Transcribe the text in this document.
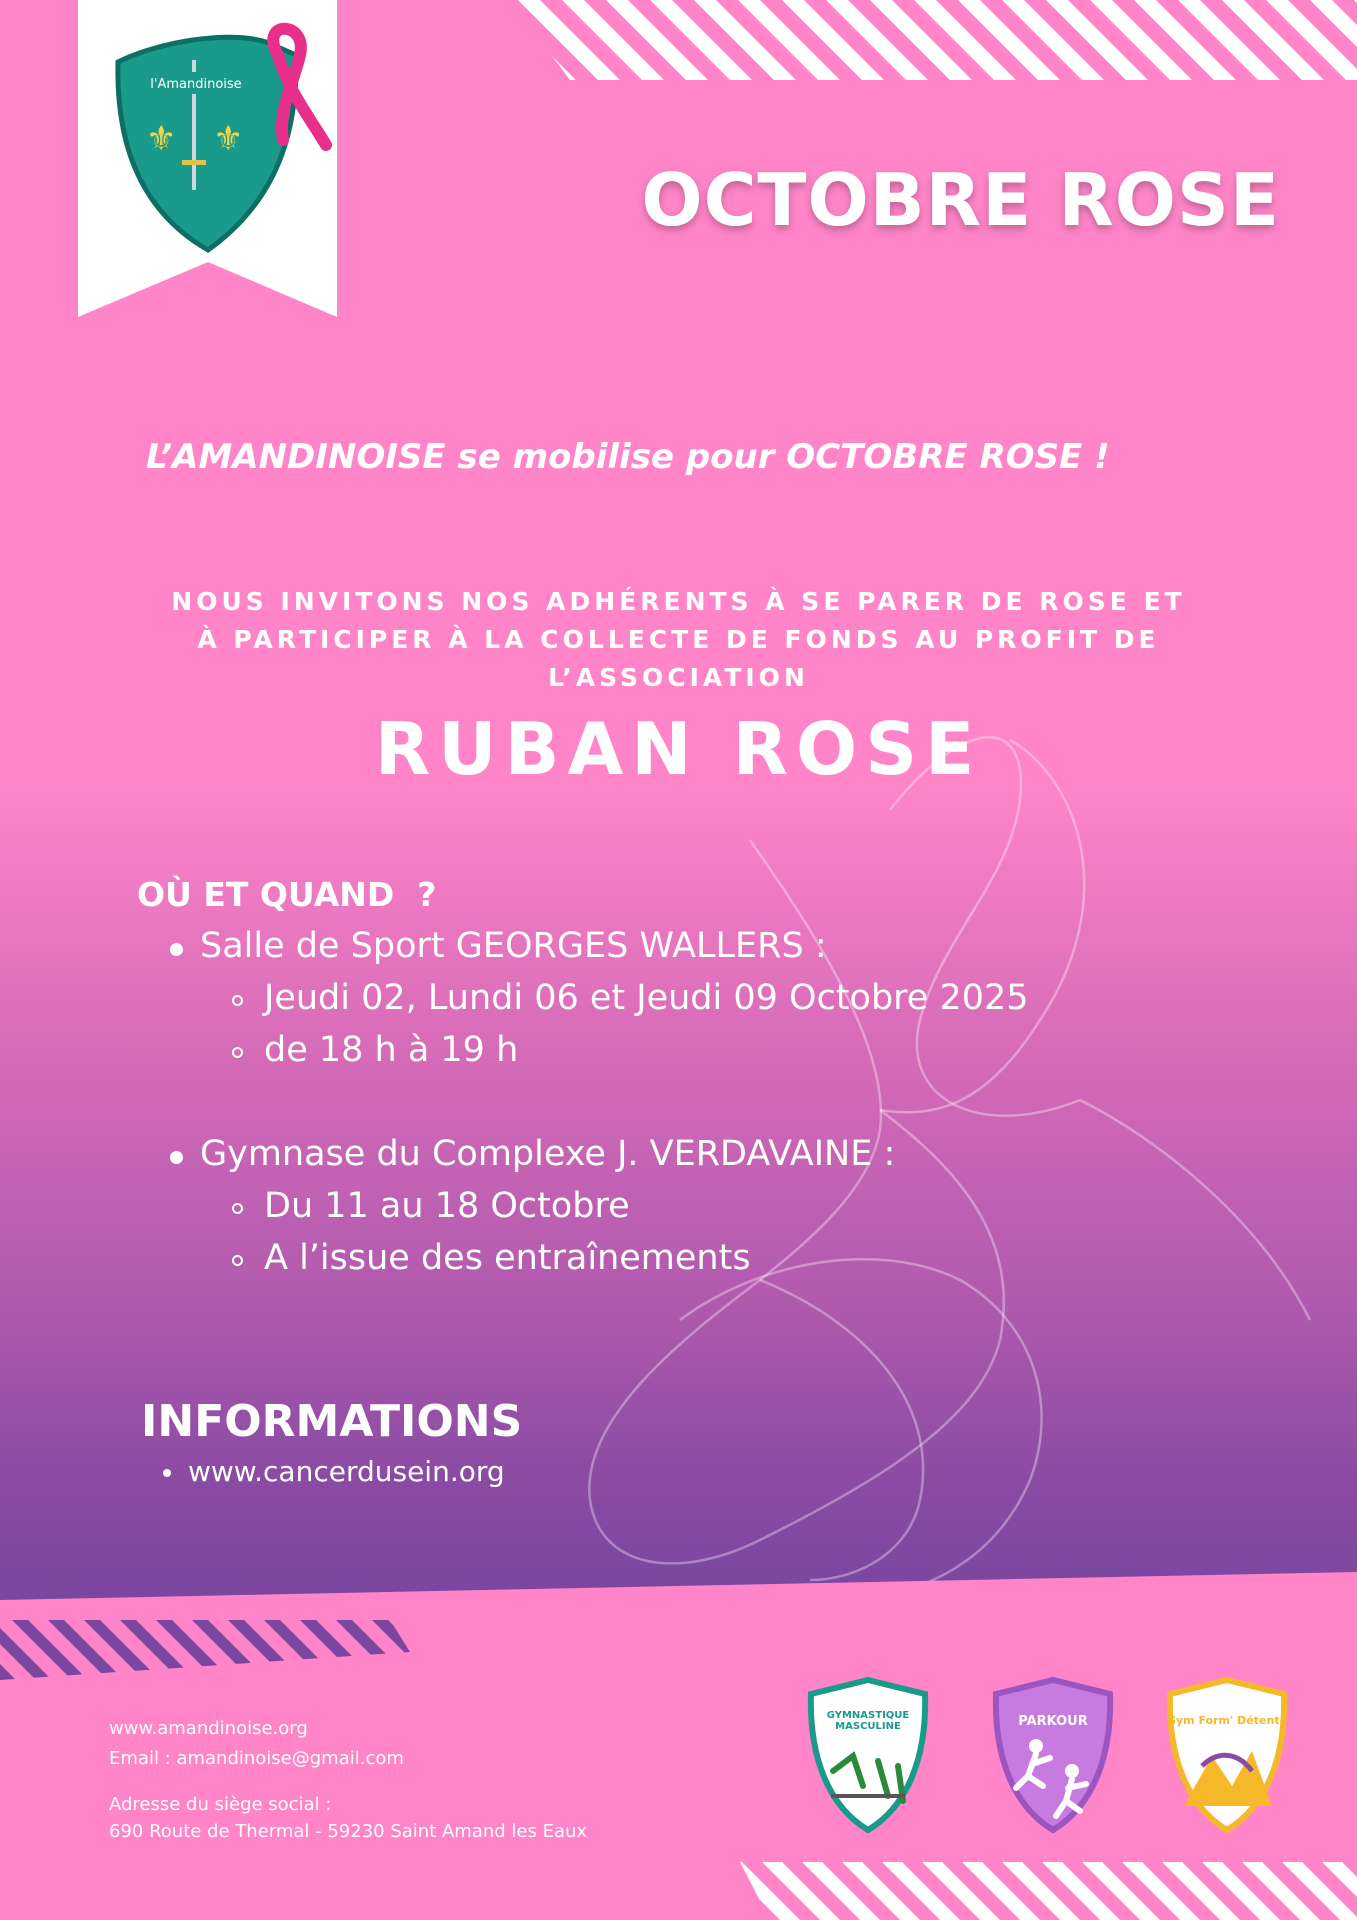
⚜ ⚜
l'Amandinoise
OCTOBRE ROSE
L’AMANDINOISE se mobilise pour OCTOBRE ROSE !
NOUS INVITONS NOS ADHÉRENTS À SE PARER DE ROSE ET
À PARTICIPER À LA COLLECTE DE FONDS AU PROFIT DE
L’ASSOCIATION
RUBAN ROSE
OÙ ET QUAND  ?
Salle de Sport GEORGES WALLERS :
Jeudi 02, Lundi 06 et Jeudi 09 Octobre 2025
de 18 h à 19 h
Gymnase du Complexe J. VERDAVAINE :
Du 11 au 18 Octobre
A l’issue des entraînements
INFORMATIONS
www.cancerdusein.org
www.amandinoise.org
Email : amandinoise@gmail.com
Adresse du siège social :
690 Route de Thermal - 59230 Saint Amand les Eaux
GYMNASTIQUE MASCULINE	PARKOUR	Gym Form' Détente
